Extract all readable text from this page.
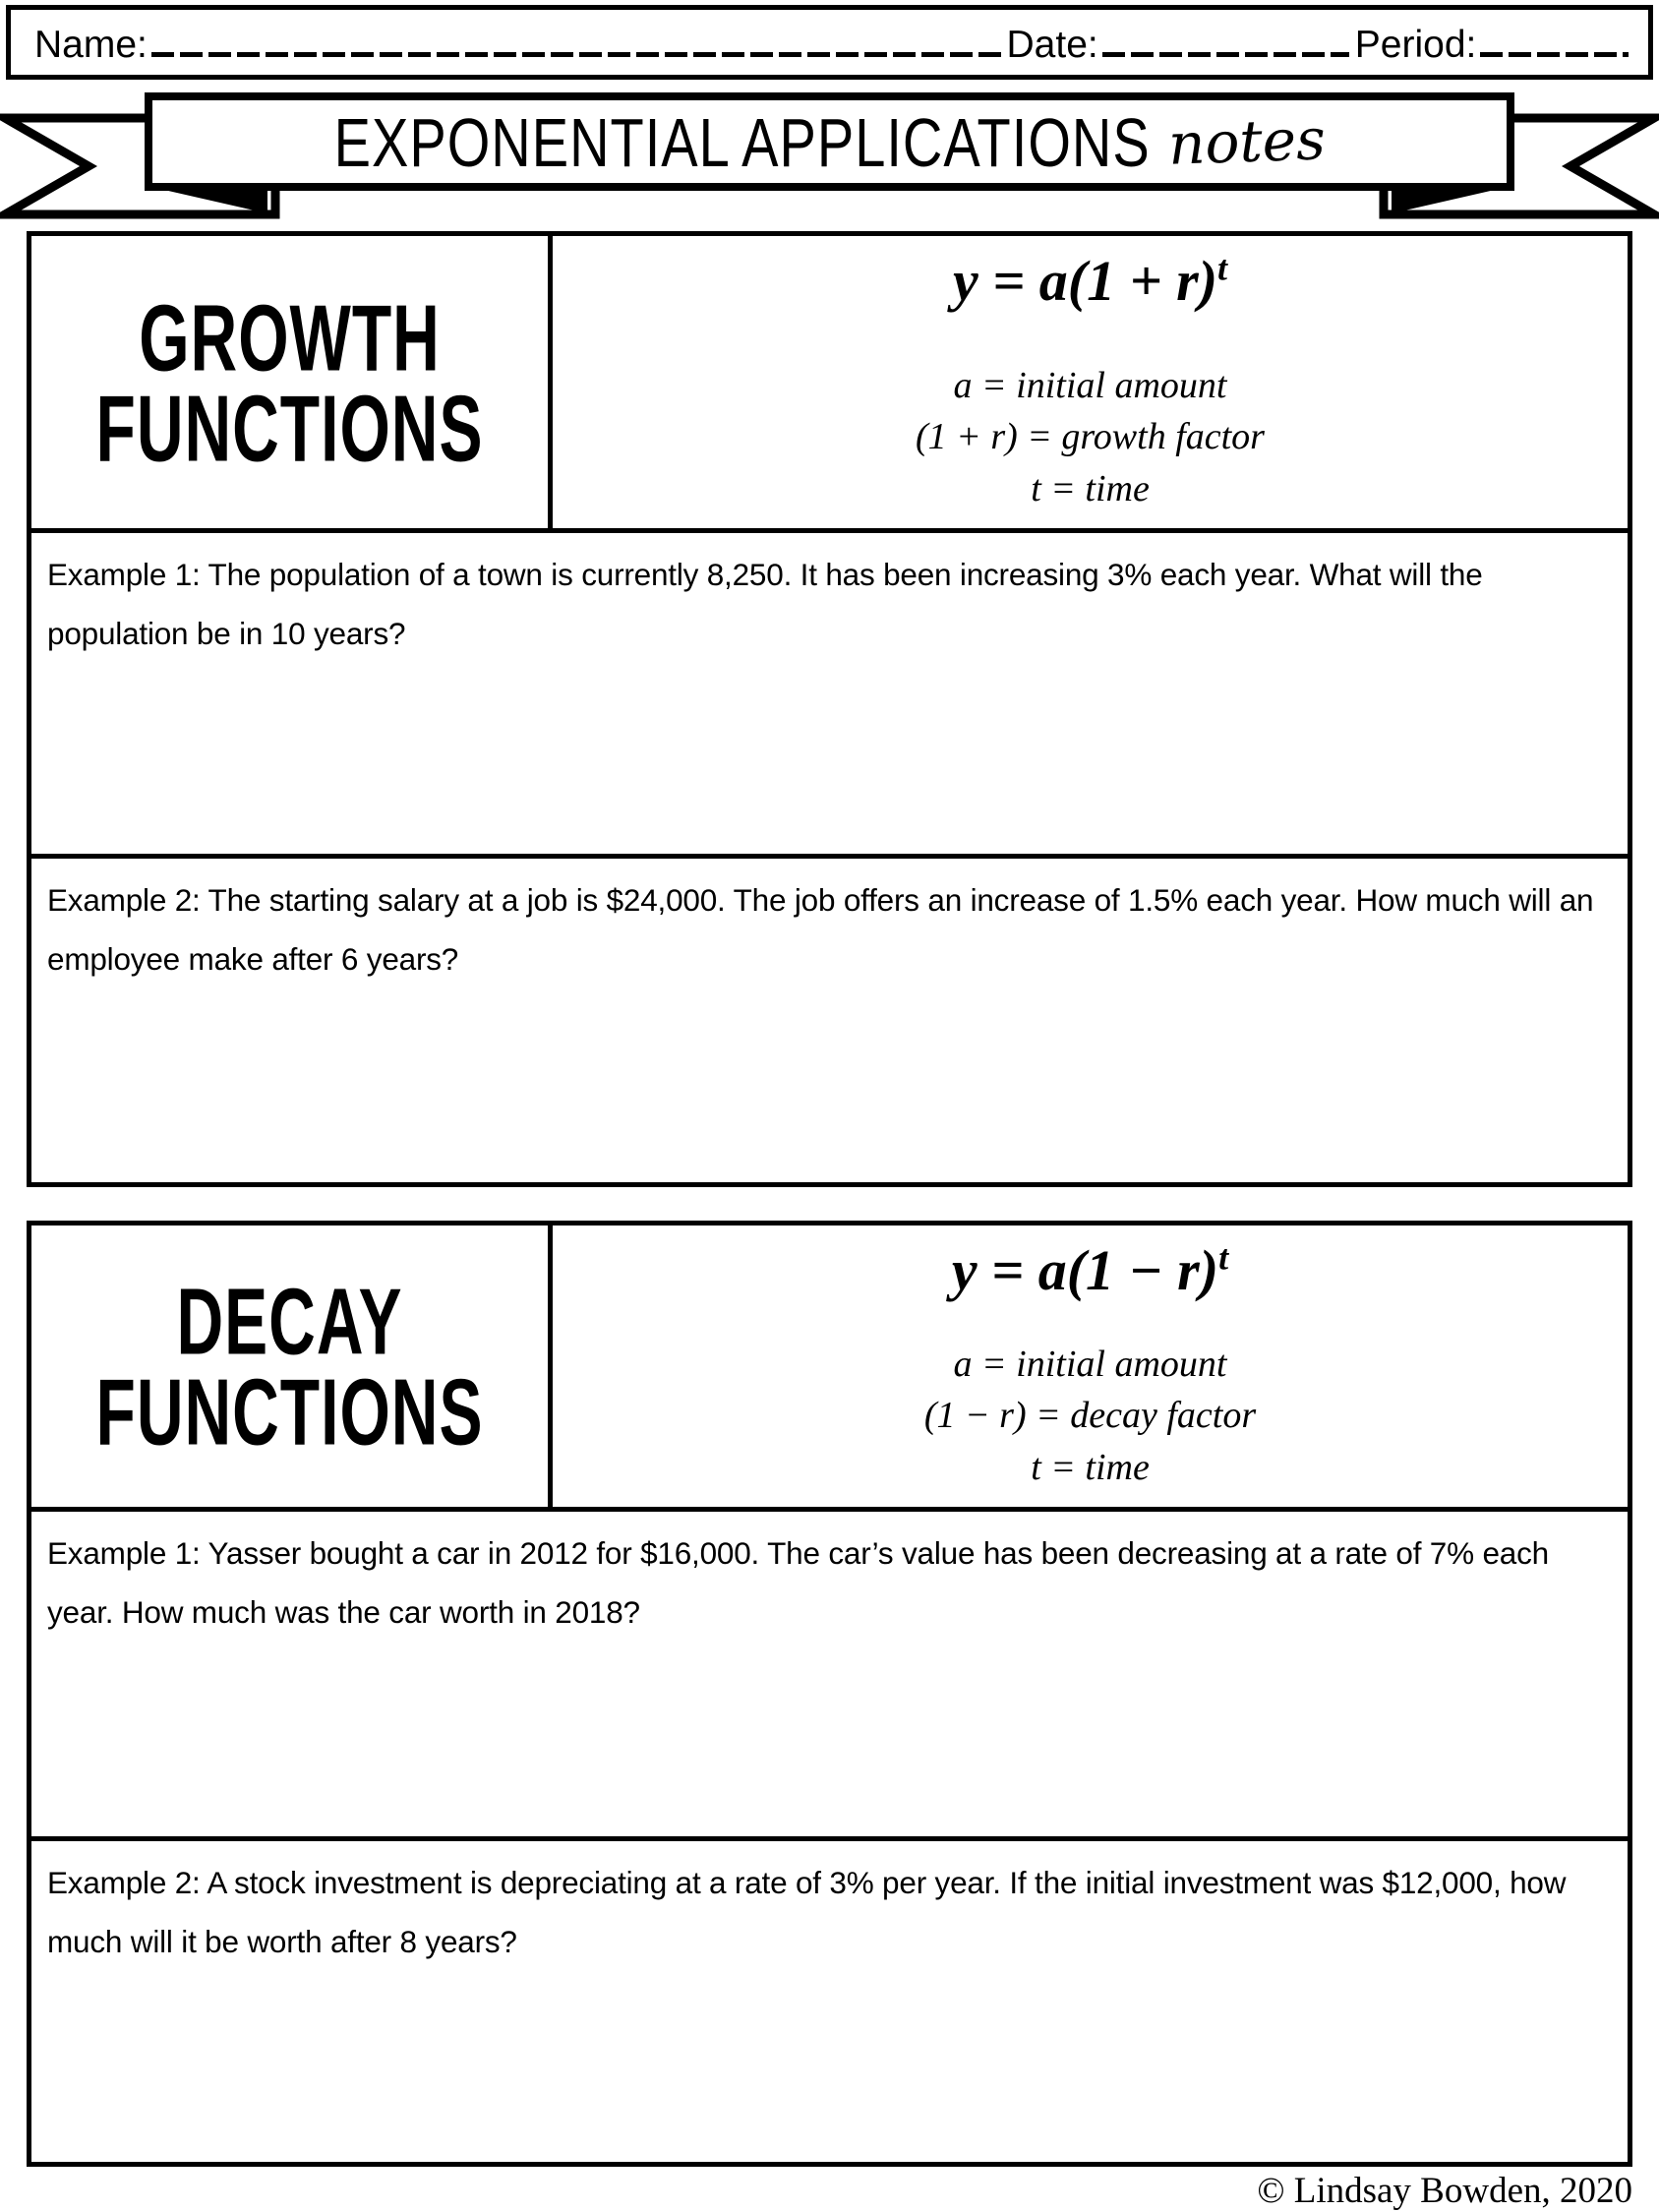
Name:	Date:	Period:
EXPONENTIAL APPLICATIONS notes
GROWTH
FUNCTIONS
$y = a(1 + r)^t$
a = initial amount
(1 + r) = growth factor
t = time

Example 1: The population of a town is currently 8,250. It has been increasing 3% each year. What will the population be in 10 years?

Example 2: The starting salary at a job is $24,000. The job offers an increase of 1.5% each year. How much will an employee make after 6 years?

DECAY
FUNCTIONS
$y = a(1 - r)^t$
a = initial amount
(1 − r) = decay factor
t = time

Example 1: Yasser bought a car in 2012 for $16,000. The car’s value has been decreasing at a rate of 7% each year. How much was the car worth in 2018?

Example 2: A stock investment is depreciating at a rate of 3% per year. If the initial investment was $12,000, how much will it be worth after 8 years?

© Lindsay Bowden, 2020
